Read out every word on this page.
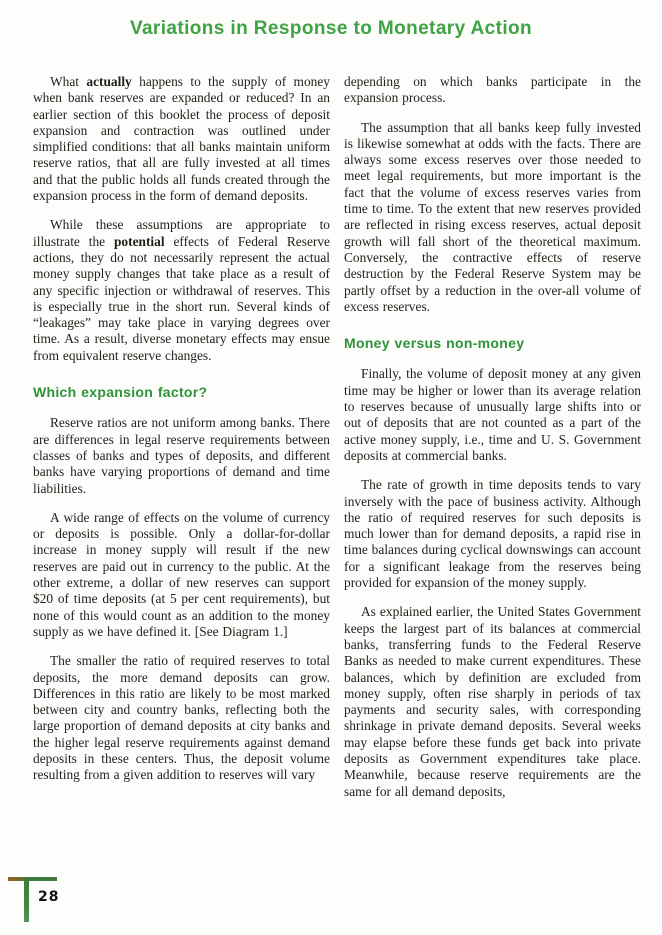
Variations in Response to Monetary Action

What actually happens to the supply of money when bank reserves are expanded or reduced? In an earlier section of this booklet the process of deposit expansion and contraction was outlined under simplified conditions: that all banks maintain uniform reserve ratios, that all are fully invested at all times and that the public holds all funds created through the expansion process in the form of demand deposits.

While these assumptions are appropriate to illustrate the potential effects of Federal Reserve actions, they do not necessarily represent the actual money supply changes that take place as a result of any specific injection or withdrawal of reserves. This is especially true in the short run. Several kinds of “leakages” may take place in varying degrees over time. As a result, diverse monetary effects may ensue from equivalent reserve changes.

Which expansion factor?

Reserve ratios are not uniform among banks. There are differences in legal reserve requirements between classes of banks and types of deposits, and different banks have varying proportions of demand and time liabilities.

A wide range of effects on the volume of currency or deposits is possible. Only a dollar-for-dollar increase in money supply will result if the new reserves are paid out in currency to the public. At the other extreme, a dollar of new reserves can support $20 of time deposits (at 5 per cent requirements), but none of this would count as an addition to the money supply as we have defined it. [See Diagram 1.]

The smaller the ratio of required reserves to total deposits, the more demand deposits can grow. Differences in this ratio are likely to be most marked between city and country banks, reflecting both the large proportion of demand deposits at city banks and the higher legal reserve requirements against demand deposits in these centers. Thus, the deposit volume resulting from a given addition to reserves will vary

depending on which banks participate in the expansion process.

The assumption that all banks keep fully invested is likewise somewhat at odds with the facts. There are always some excess reserves over those needed to meet legal requirements, but more important is the fact that the volume of excess reserves varies from time to time. To the extent that new reserves provided are reflected in rising excess reserves, actual deposit growth will fall short of the theoretical maximum. Conversely, the contractive effects of reserve destruction by the Federal Reserve System may be partly offset by a reduction in the over-all volume of excess reserves.

Money versus non-money

Finally, the volume of deposit money at any given time may be higher or lower than its average relation to reserves because of unusually large shifts into or out of deposits that are not counted as a part of the active money supply, i.e., time and U. S. Government deposits at commercial banks.

The rate of growth in time deposits tends to vary inversely with the pace of business activity. Although the ratio of required reserves for such deposits is much lower than for demand deposits, a rapid rise in time balances during cyclical downswings can account for a significant leakage from the reserves being provided for expansion of the money supply.

As explained earlier, the United States Government keeps the largest part of its balances at commercial banks, transferring funds to the Federal Reserve Banks as needed to make current expenditures. These balances, which by definition are excluded from money supply, often rise sharply in periods of tax payments and security sales, with corresponding shrinkage in private demand deposits. Several weeks may elapse before these funds get back into private deposits as Government expenditures take place. Meanwhile, because reserve requirements are the same for all demand deposits,

28
